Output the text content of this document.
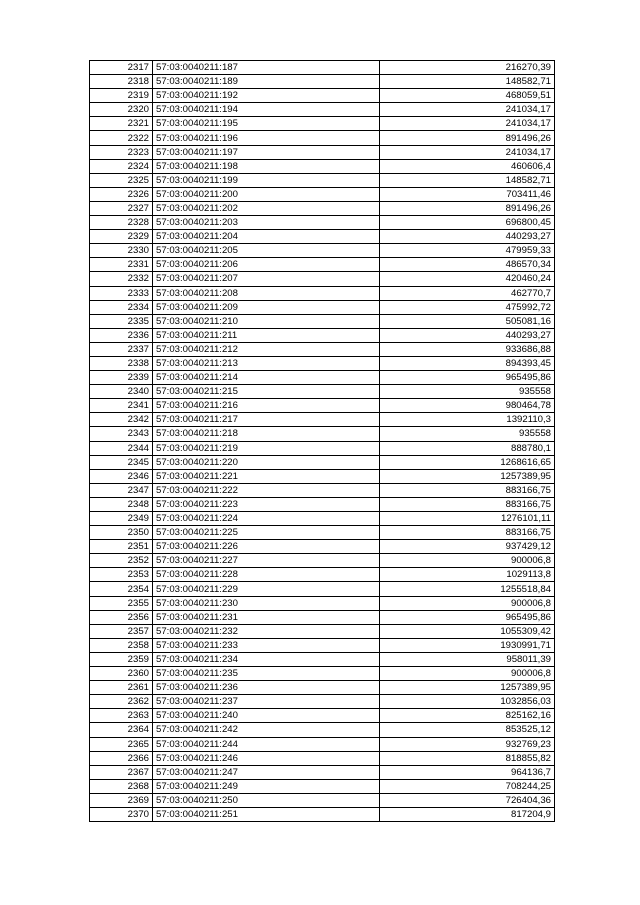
2317	57:03:0040211:187	216270,39
2318	57:03:0040211:189	148582,71
2319	57:03:0040211:192	468059,51
2320	57:03:0040211:194	241034,17
2321	57:03:0040211:195	241034,17
2322	57:03:0040211:196	891496,26
2323	57:03:0040211:197	241034,17
2324	57:03:0040211:198	460606,4
2325	57:03:0040211:199	148582,71
2326	57:03:0040211:200	703411,46
2327	57:03:0040211:202	891496,26
2328	57:03:0040211:203	696800,45
2329	57:03:0040211:204	440293,27
2330	57:03:0040211:205	479959,33
2331	57:03:0040211:206	486570,34
2332	57:03:0040211:207	420460,24
2333	57:03:0040211:208	462770,7
2334	57:03:0040211:209	475992,72
2335	57:03:0040211:210	505081,16
2336	57:03:0040211:211	440293,27
2337	57:03:0040211:212	933686,88
2338	57:03:0040211:213	894393,45
2339	57:03:0040211:214	965495,86
2340	57:03:0040211:215	935558
2341	57:03:0040211:216	980464,78
2342	57:03:0040211:217	1392110,3
2343	57:03:0040211:218	935558
2344	57:03:0040211:219	888780,1
2345	57:03:0040211:220	1268616,65
2346	57:03:0040211:221	1257389,95
2347	57:03:0040211:222	883166,75
2348	57:03:0040211:223	883166,75
2349	57:03:0040211:224	1276101,11
2350	57:03:0040211:225	883166,75
2351	57:03:0040211:226	937429,12
2352	57:03:0040211:227	900006,8
2353	57:03:0040211:228	1029113,8
2354	57:03:0040211:229	1255518,84
2355	57:03:0040211:230	900006,8
2356	57:03:0040211:231	965495,86
2357	57:03:0040211:232	1055309,42
2358	57:03:0040211:233	1930991,71
2359	57:03:0040211:234	958011,39
2360	57:03:0040211:235	900006,8
2361	57:03:0040211:236	1257389,95
2362	57:03:0040211:237	1032856,03
2363	57:03:0040211:240	825162,16
2364	57:03:0040211:242	853525,12
2365	57:03:0040211:244	932769,23
2366	57:03:0040211:246	818855,82
2367	57:03:0040211:247	964136,7
2368	57:03:0040211:249	708244,25
2369	57:03:0040211:250	726404,36
2370	57:03:0040211:251	817204,9
